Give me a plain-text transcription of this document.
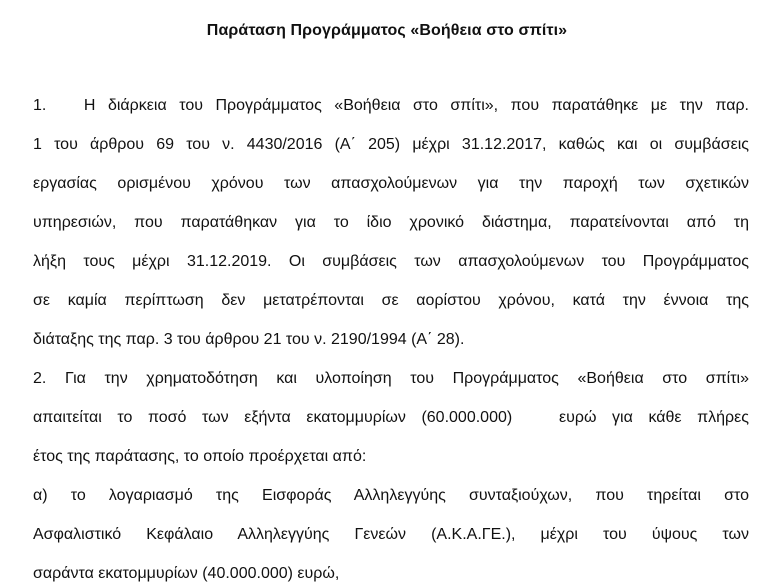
Παράταση Προγράμματος «Βοήθεια στο σπίτι»
1.   Η διάρκεια του Προγράμματος «Βοήθεια στο σπίτι», που παρατάθηκε με την παρ.
1 του άρθρου 69 του ν. 4430/2016 (Α΄ 205) μέχρι 31.12.2017, καθώς και οι συμβάσεις
εργασίας ορισμένου χρόνου των απασχολούμενων για την παροχή των σχετικών
υπηρεσιών, που παρατάθηκαν για το ίδιο χρονικό διάστημα, παρατείνονται από τη
λήξη τους μέχρι 31.12.2019. Οι συμβάσεις των απασχολούμενων του Προγράμματος
σε καμία περίπτωση δεν μετατρέπονται σε αορίστου χρόνου, κατά την έννοια της
διάταξης της παρ. 3 του άρθρου 21 του ν. 2190/1994 (Α΄ 28).
2. Για την χρηματοδότηση και υλοποίηση του Προγράμματος «Βοήθεια στο σπίτι»
απαιτείται το ποσό των εξήντα εκατομμυρίων (60.000.000)   ευρώ για κάθε πλήρες
έτος της παράτασης, το οποίο προέρχεται από:
α) το λογαριασμό της Εισφοράς Αλληλεγγύης συνταξιούχων, που τηρείται στο
Ασφαλιστικό Κεφάλαιο Αλληλεγγύης Γενεών (Α.Κ.Α.ΓΕ.), μέχρι του ύψους των
σαράντα εκατομμυρίων (40.000.000) ευρώ,
